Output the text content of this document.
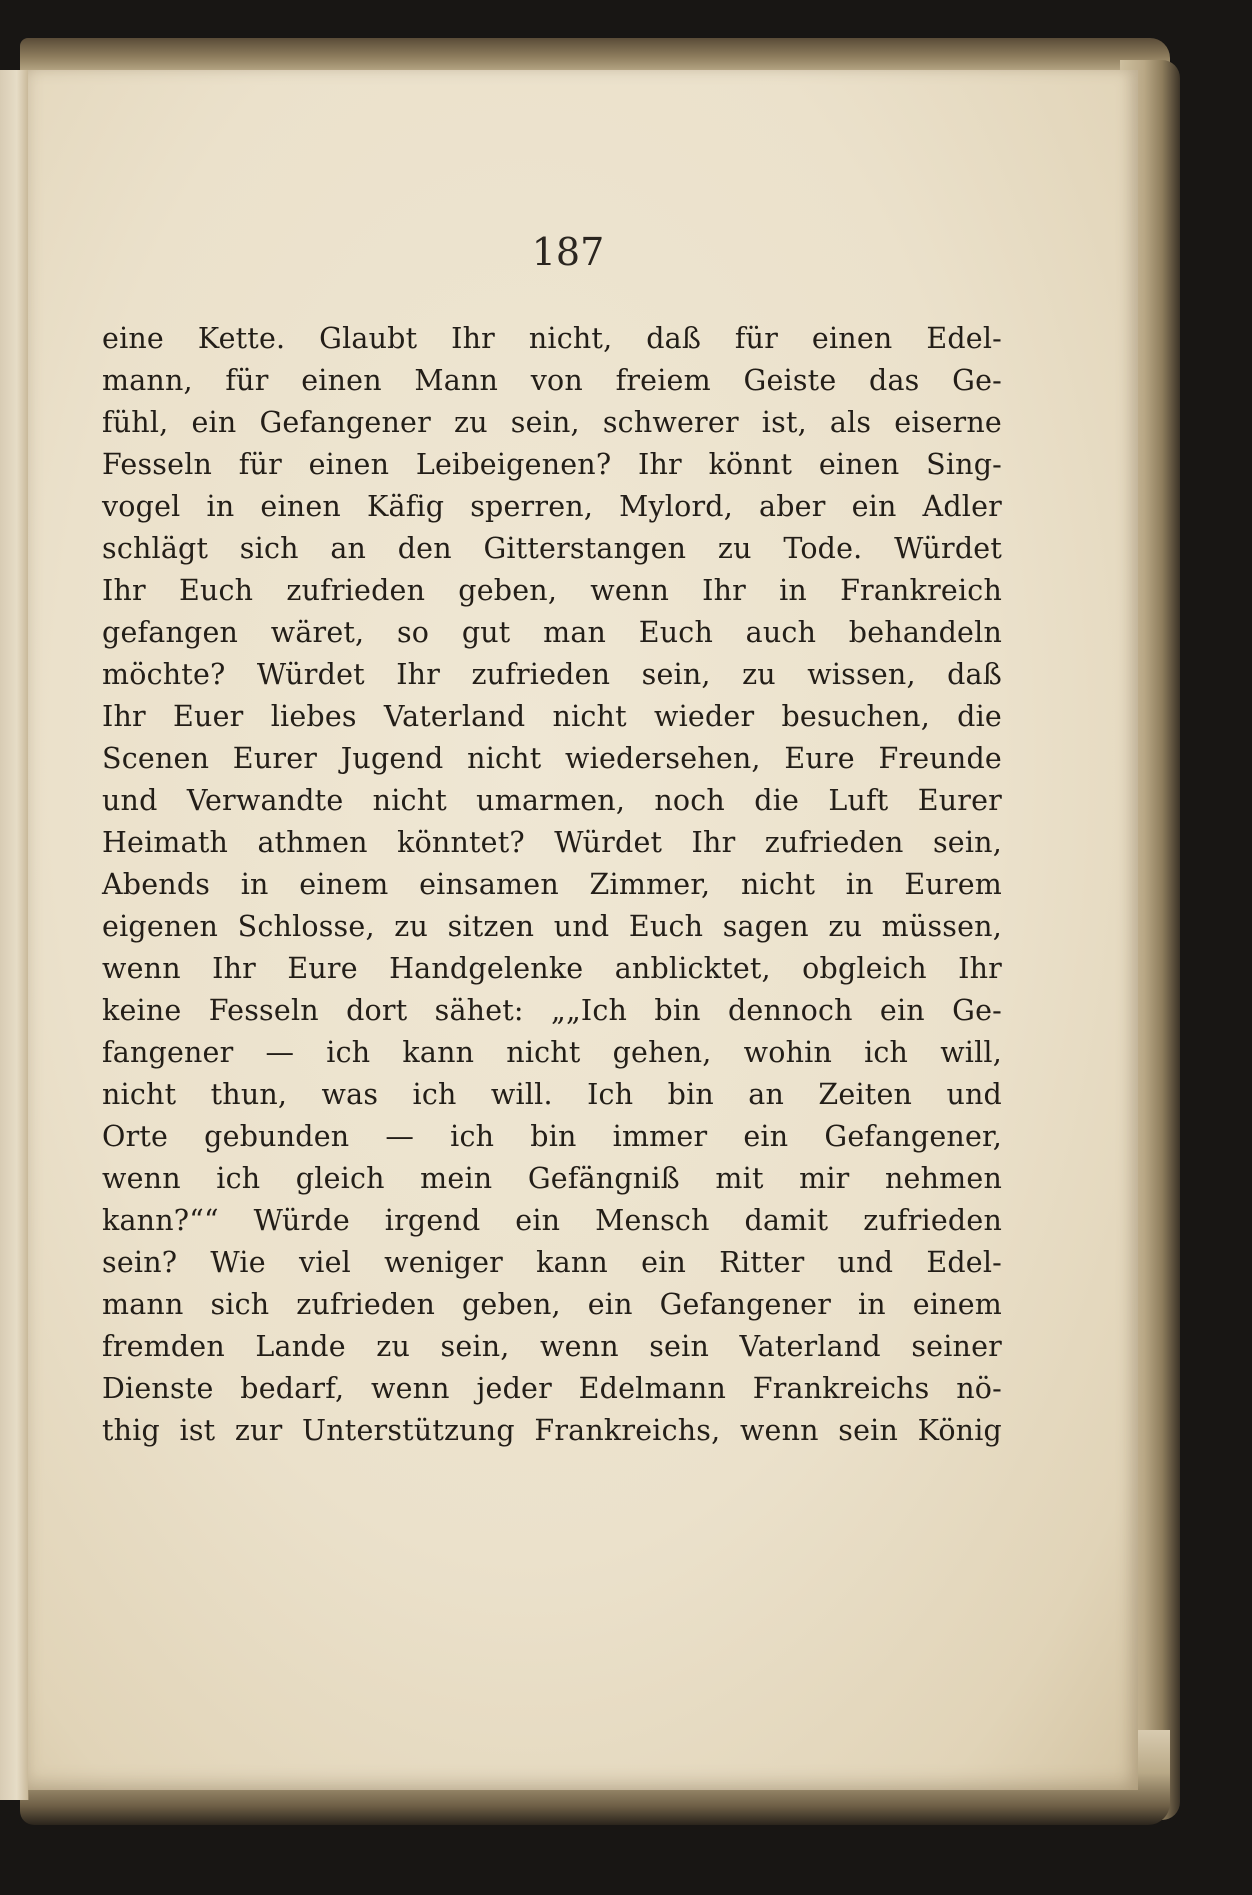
187
eine Kette. Glaubt Ihr nicht, daß für einen Edel-
mann, für einen Mann von freiem Geiste das Ge-
fühl, ein Gefangener zu sein, schwerer ist, als eiserne
Fesseln für einen Leibeigenen? Ihr könnt einen Sing-
vogel in einen Käfig sperren, Mylord, aber ein Adler
schlägt sich an den Gitterstangen zu Tode. Würdet
Ihr Euch zufrieden geben, wenn Ihr in Frankreich
gefangen wäret, so gut man Euch auch behandeln
möchte? Würdet Ihr zufrieden sein, zu wissen, daß
Ihr Euer liebes Vaterland nicht wieder besuchen, die
Scenen Eurer Jugend nicht wiedersehen, Eure Freunde
und Verwandte nicht umarmen, noch die Luft Eurer
Heimath athmen könntet? Würdet Ihr zufrieden sein,
Abends in einem einsamen Zimmer, nicht in Eurem
eigenen Schlosse, zu sitzen und Euch sagen zu müssen,
wenn Ihr Eure Handgelenke anblicktet, obgleich Ihr
keine Fesseln dort sähet: „„Ich bin dennoch ein Ge-
fangener — ich kann nicht gehen, wohin ich will,
nicht thun, was ich will. Ich bin an Zeiten und
Orte gebunden — ich bin immer ein Gefangener,
wenn ich gleich mein Gefängniß mit mir nehmen
kann?““ Würde irgend ein Mensch damit zufrieden
sein? Wie viel weniger kann ein Ritter und Edel-
mann sich zufrieden geben, ein Gefangener in einem
fremden Lande zu sein, wenn sein Vaterland seiner
Dienste bedarf, wenn jeder Edelmann Frankreichs nö-
thig ist zur Unterstützung Frankreichs, wenn sein König
